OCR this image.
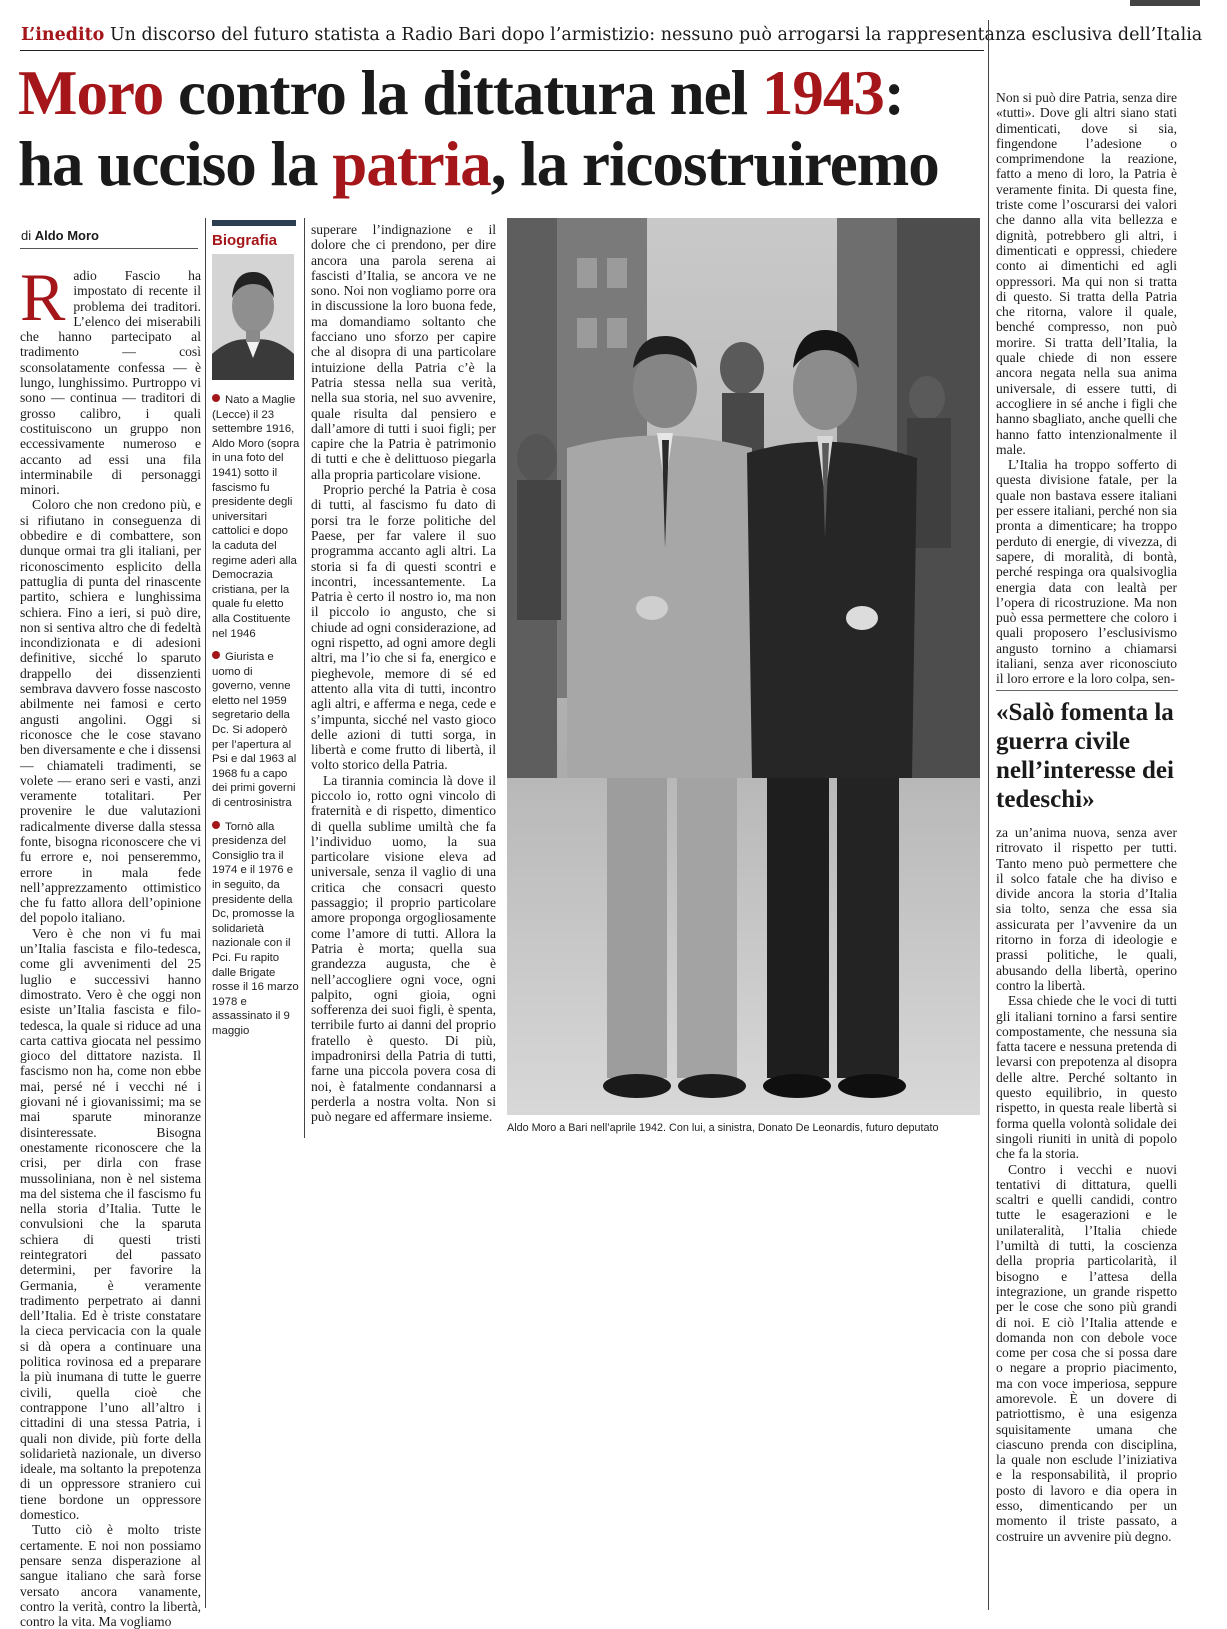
L’inedito Un discorso del futuro statista a Radio Bari dopo l’armistizio: nessuno può arrogarsi la rappresentanza esclusiva dell’Italia
Moro contro la dittatura nel 1943:
ha ucciso la patria, la ricostruiremo
di Aldo Moro

Radio Fascio ha impostato di recente il problema dei traditori. L’elenco dei miserabili che hanno partecipato al tradimento — così sconsolatamente confessa — è lungo, lunghissimo. Purtroppo vi sono — continua — traditori di grosso calibro, i quali costituiscono un gruppo non eccessivamente numeroso e accanto ad essi una fila interminabile di personaggi minori.

Coloro che non credono più, e si rifiutano in conseguenza di obbedire e di combattere, son dunque ormai tra gli italiani, per riconoscimento esplicito della pattuglia di punta del rinascente partito, schiera e lunghissima schiera. Fino a ieri, si può dire, non si sentiva altro che di fedeltà incondizionata e di adesioni definitive, sicché lo sparuto drappello dei dissenzienti sembrava davvero fosse nascosto abilmente nei famosi e certo angusti angolini. Oggi si riconosce che le cose stavano ben diversamente e che i dissensi — chiamateli tradimenti, se volete — erano seri e vasti, anzi veramente totalitari. Per provenire le due valutazioni radicalmente diverse dalla stessa fonte, bisogna riconoscere che vi fu errore e, noi penseremmo, errore in mala fede nell’apprezzamento ottimistico che fu fatto allora dell’opinione del popolo italiano.

Vero è che non vi fu mai un’Italia fascista e filo-tedesca, come gli avvenimenti del 25 luglio e successivi hanno dimostrato. Vero è che oggi non esiste un’Italia fascista e filo-tedesca, la quale si riduce ad una carta cattiva giocata nel pessimo gioco del dittatore nazista. Il fascismo non ha, come non ebbe mai, persé né i vecchi né i giovani né i giovanissimi; ma se mai sparute minoranze disinteressate. Bisogna onestamente riconoscere che la crisi, per dirla con frase mussoliniana, non è nel sistema ma del sistema che il fascismo fu nella storia d’Italia. Tutte le convulsioni che la sparuta schiera di questi tristi reintegratori del passato determini, per favorire la Germania, è veramente tradimento perpetrato ai danni dell’Italia. Ed è triste constatare la cieca pervicacia con la quale si dà opera a continuare una politica rovinosa ed a preparare la più inumana di tutte le guerre civili, quella cioè che contrappone l’uno all’altro i cittadini di una stessa Patria, i quali non divide, più forte della solidarietà nazionale, un diverso ideale, ma soltanto la prepotenza di un oppressore straniero cui tiene bordone un oppressore domestico.

Tutto ciò è molto triste certamente. E noi non possiamo pensare senza disperazione al sangue italiano che sarà forse versato ancora vanamente, contro la verità, contro la libertà, contro la vita. Ma vogliamo

Biografia

Nato a Maglie (Lecce) il 23 settembre 1916, Aldo Moro (sopra in una foto del 1941) sotto il fascismo fu presidente degli universitari cattolici e dopo la caduta del regime aderì alla Democrazia cristiana, per la quale fu eletto alla Costituente nel 1946

Giurista e uomo di governo, venne eletto nel 1959 segretario della Dc. Si adoperò per l’apertura al Psi e dal 1963 al 1968 fu a capo dei primi governi di centrosinistra

Tornò alla presidenza del Consiglio tra il 1974 e il 1976 e in seguito, da presidente della Dc, promosse la solidarietà nazionale con il Pci. Fu rapito dalle Brigate rosse il 16 marzo 1978 e assassinato il 9 maggio

superare l’indignazione e il dolore che ci prendono, per dire ancora una parola serena ai fascisti d’Italia, se ancora ve ne sono. Noi non vogliamo porre ora in discussione la loro buona fede, ma domandiamo soltanto che facciano uno sforzo per capire che al disopra di una particolare intuizione della Patria c’è la Patria stessa nella sua verità, nella sua storia, nel suo avvenire, quale risulta dal pensiero e dall’amore di tutti i suoi figli; per capire che la Patria è patrimonio di tutti e che è delittuoso piegarla alla propria particolare visione.

Proprio perché la Patria è cosa di tutti, al fascismo fu dato di porsi tra le forze politiche del Paese, per far valere il suo programma accanto agli altri. La storia si fa di questi scontri e incontri, incessantemente. La Patria è certo il nostro io, ma non il piccolo io angusto, che si chiude ad ogni considerazione, ad ogni rispetto, ad ogni amore degli altri, ma l’io che si fa, energico e pieghevole, memore di sé ed attento alla vita di tutti, incontro agli altri, e afferma e nega, cede e s’impunta, sicché nel vasto gioco delle azioni di tutti sorga, in libertà e come frutto di libertà, il volto storico della Patria.

La tirannia comincia là dove il piccolo io, rotto ogni vincolo di fraternità e di rispetto, dimentico di quella sublime umiltà che fa l’individuo uomo, la sua particolare visione eleva ad universale, senza il vaglio di una critica che consacri questo passaggio; il proprio particolare amore proponga orgogliosamente come l’amore di tutti. Allora la Patria è morta; quella sua grandezza augusta, che è nell’accogliere ogni voce, ogni palpito, ogni gioia, ogni sofferenza dei suoi figli, è spenta, terribile furto ai danni del proprio fratello è questo. Di più, impadronirsi della Patria di tutti, farne una piccola povera cosa di noi, è fatalmente condannarsi a perderla a nostra volta. Non si può negare ed affermare insieme.

Aldo Moro a Bari nell’aprile 1942. Con lui, a sinistra, Donato De Leonardis, futuro deputato

Non si può dire Patria, senza dire «tutti». Dove gli altri siano stati dimenticati, dove si sia, fingendone l’adesione o comprimendone la reazione, fatto a meno di loro, la Patria è veramente finita. Di questa fine, triste come l’oscurarsi dei valori che danno alla vita bellezza e dignità, potrebbero gli altri, i dimenticati e oppressi, chiedere conto ai dimentichi ed agli oppressori. Ma qui non si tratta di questo. Si tratta della Patria che ritorna, valore il quale, benché compresso, non può morire. Si tratta dell’Italia, la quale chiede di non essere ancora negata nella sua anima universale, di essere tutti, di accogliere in sé anche i figli che hanno sbagliato, anche quelli che hanno fatto intenzionalmente il male.

L’Italia ha troppo sofferto di questa divisione fatale, per la quale non bastava essere italiani per essere italiani, perché non sia pronta a dimenticare; ha troppo perduto di energie, di vivezza, di sapere, di moralità, di bontà, perché respinga ora qualsivoglia energia data con lealtà per l’opera di ricostruzione. Ma non può essa permettere che coloro i quali proposero l’esclusivismo angusto tornino a chiamarsi italiani, senza aver riconosciuto il loro errore e la loro colpa, sen-

«Salò fomenta la guerra civile nell’interesse dei tedeschi»

za un’anima nuova, senza aver ritrovato il rispetto per tutti. Tanto meno può permettere che il solco fatale che ha diviso e divide ancora la storia d’Italia sia tolto, senza che essa sia assicurata per l’avvenire da un ritorno in forza di ideologie e prassi politiche, le quali, abusando della libertà, operino contro la libertà.

Essa chiede che le voci di tutti gli italiani tornino a farsi sentire compostamente, che nessuna sia fatta tacere e nessuna pretenda di levarsi con prepotenza al disopra delle altre. Perché soltanto in questo equilibrio, in questo rispetto, in questa reale libertà si forma quella volontà solidale dei singoli riuniti in unità di popolo che fa la storia.

Contro i vecchi e nuovi tentativi di dittatura, quelli scaltri e quelli candidi, contro tutte le esagerazioni e le unilateralità, l’Italia chiede l’umiltà di tutti, la coscienza della propria particolarità, il bisogno e l’attesa della integrazione, un grande rispetto per le cose che sono più grandi di noi. E ciò l’Italia attende e domanda non con debole voce come per cosa che si possa dare o negare a proprio piacimento, ma con voce imperiosa, seppure amorevole. È un dovere di patriottismo, è una esigenza squisitamente umana che ciascuno prenda con disciplina, la quale non esclude l’iniziativa e la responsabilità, il proprio posto di lavoro e dia opera in esso, dimenticando per un momento il triste passato, a costruire un avvenire più degno.
